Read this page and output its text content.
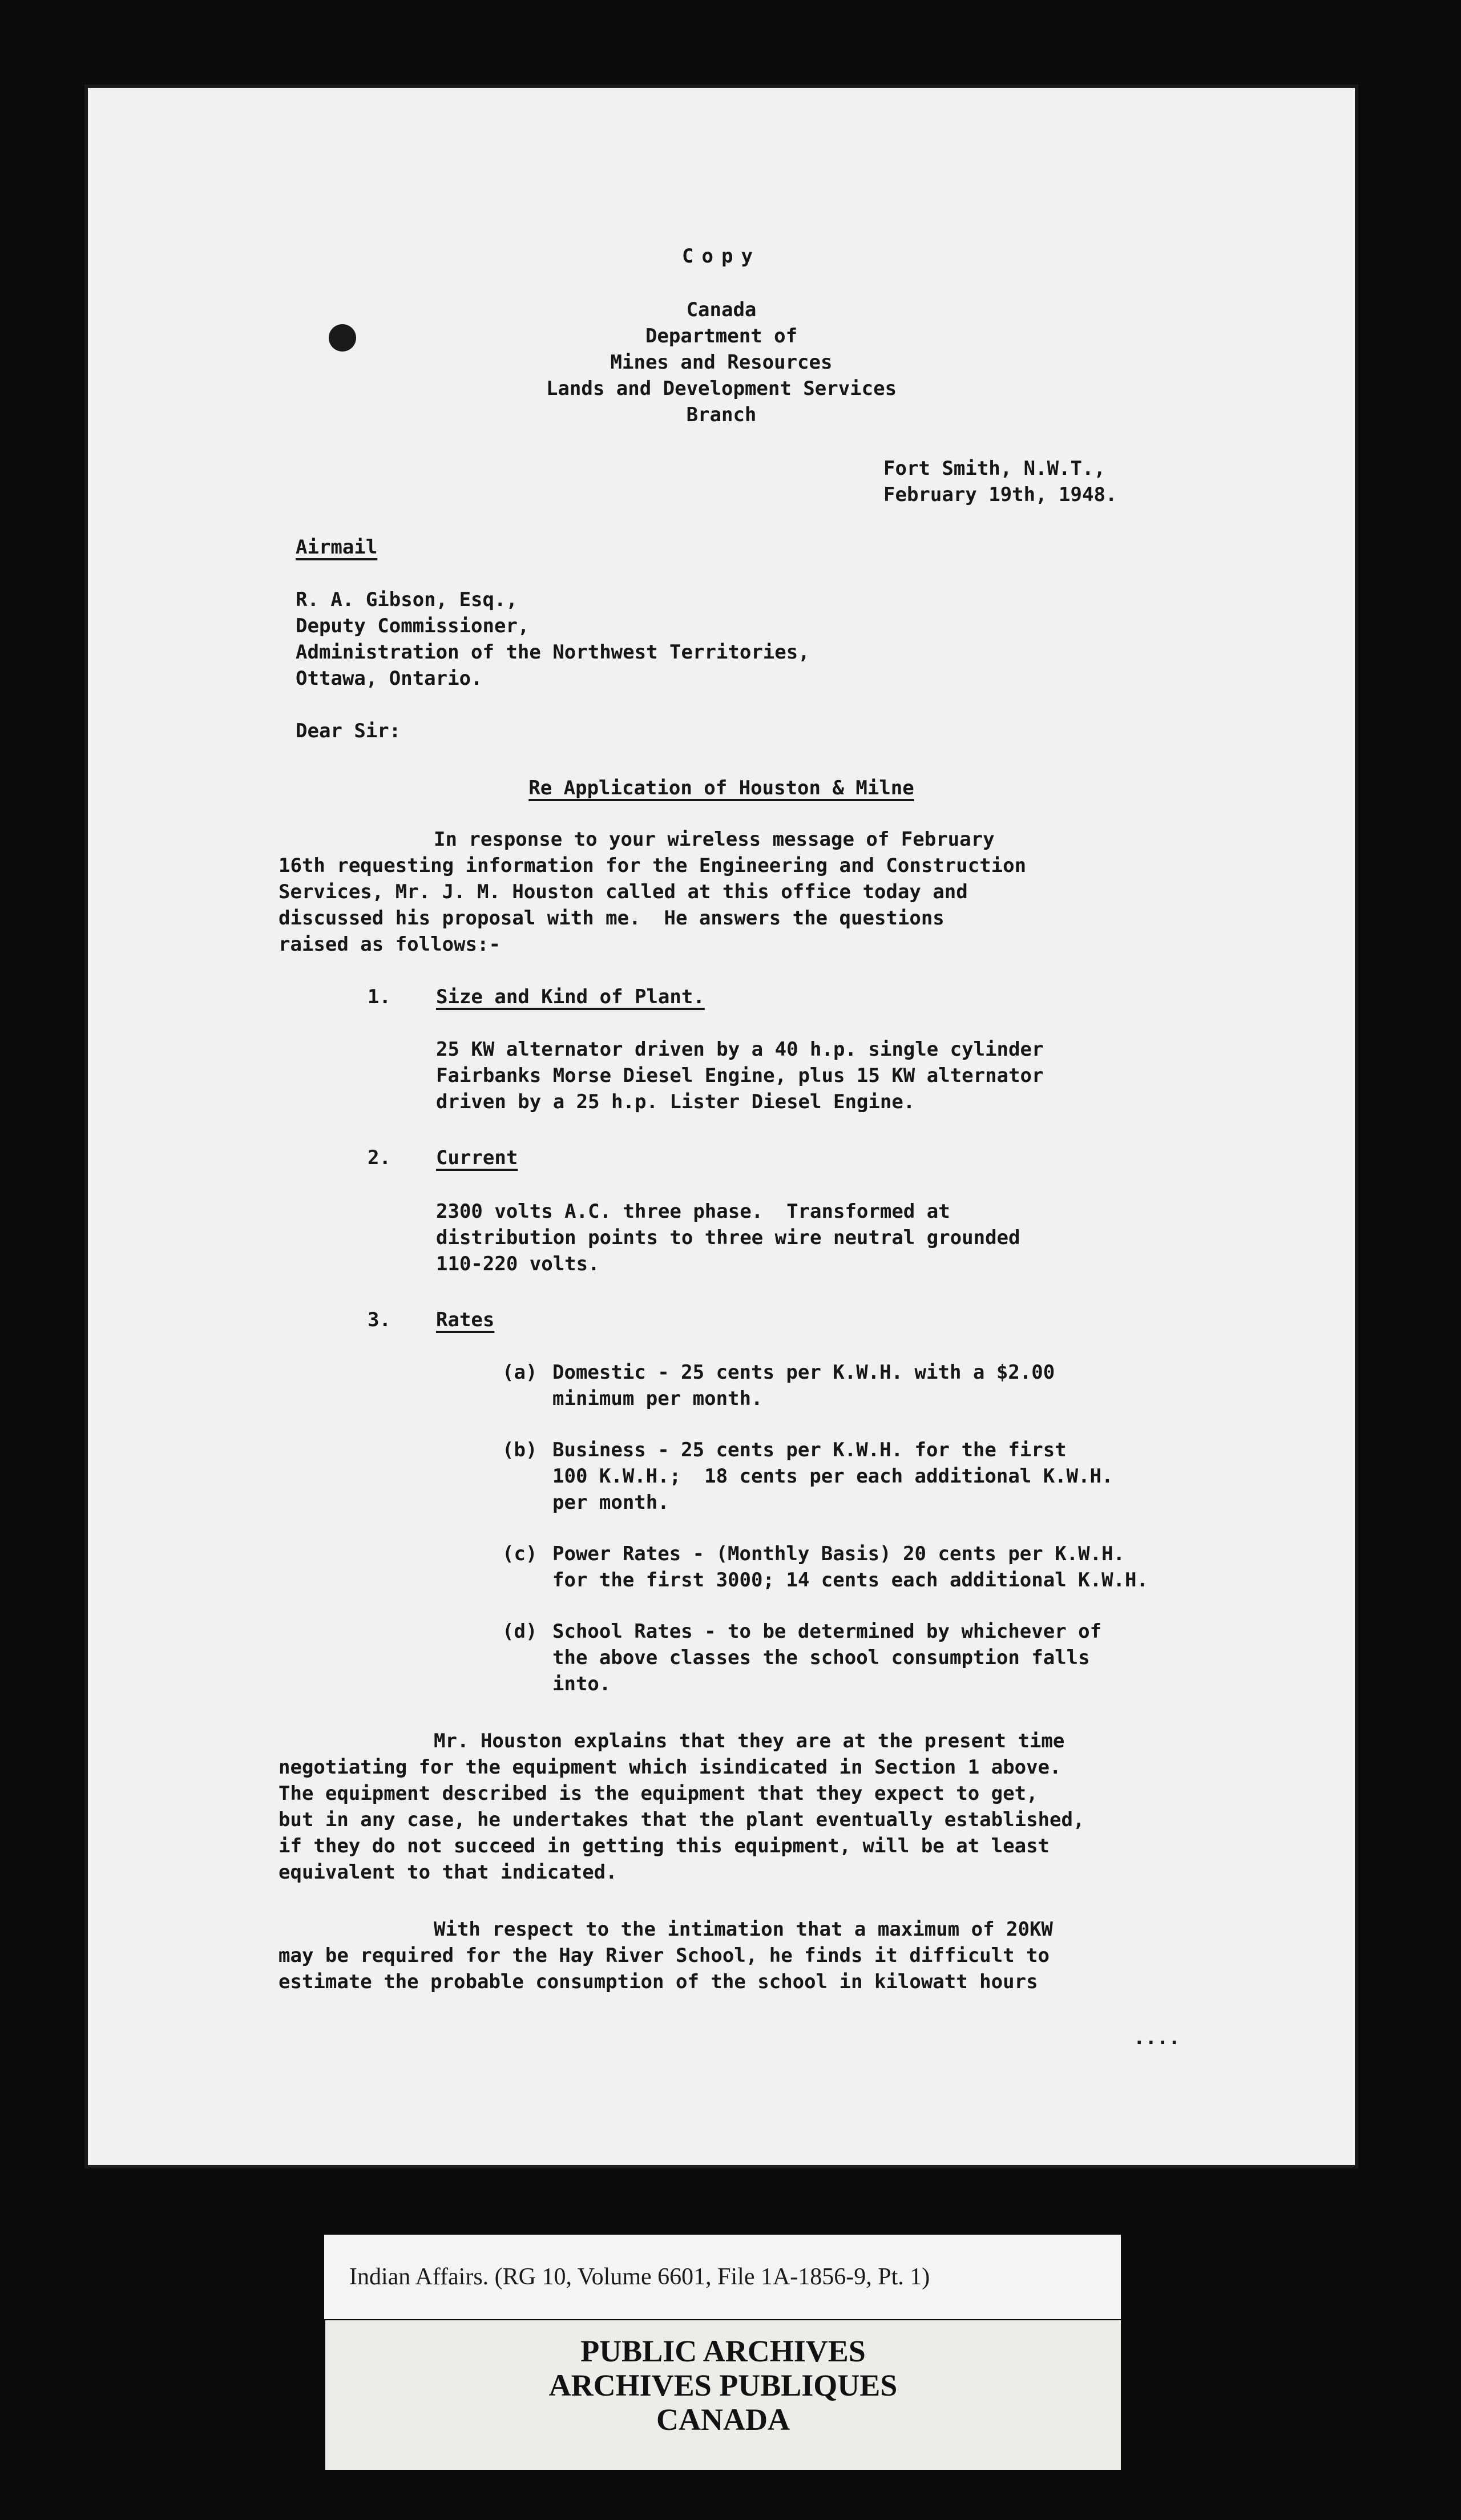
Copy
Canada
Department of
Mines and Resources
Lands and Development Services
Branch
Fort Smith, N.W.T.,
February 19th, 1948.
Airmail
R. A. Gibson, Esq.,
Deputy Commissioner,
Administration of the Northwest Territories,
Ottawa, Ontario.
Dear Sir:
Re Application of Houston & Milne
In response to your wireless message of February
16th requesting information for the Engineering and Construction
Services, Mr. J. M. Houston called at this office today and
discussed his proposal with me.  He answers the questions
raised as follows:-
1. Size and Kind of Plant.
25 KW alternator driven by a 40 h.p. single cylinder
Fairbanks Morse Diesel Engine, plus 15 KW alternator
driven by a 25 h.p. Lister Diesel Engine.
2. Current
2300 volts A.C. three phase.  Transformed at
distribution points to three wire neutral grounded
110-220 volts.
3. Rates
(a) Domestic - 25 cents per K.W.H. with a $2.00
minimum per month.
(b) Business - 25 cents per K.W.H. for the first
100 K.W.H.;  18 cents per each additional K.W.H.
per month.
(c) Power Rates - (Monthly Basis) 20 cents per K.W.H.
for the first 3000; 14 cents each additional K.W.H.
(d) School Rates - to be determined by whichever of
the above classes the school consumption falls
into.
Mr. Houston explains that they are at the present time
negotiating for the equipment which isindicated in Section 1 above.
The equipment described is the equipment that they expect to get,
but in any case, he undertakes that the plant eventually established,
if they do not succeed in getting this equipment, will be at least
equivalent to that indicated.
With respect to the intimation that a maximum of 20KW
may be required for the Hay River School, he finds it difficult to
estimate the probable consumption of the school in kilowatt hours
....
Indian Affairs. (RG 10, Volume 6601, File 1A-1856-9, Pt. 1)
PUBLIC ARCHIVES
ARCHIVES PUBLIQUES
CANADA
